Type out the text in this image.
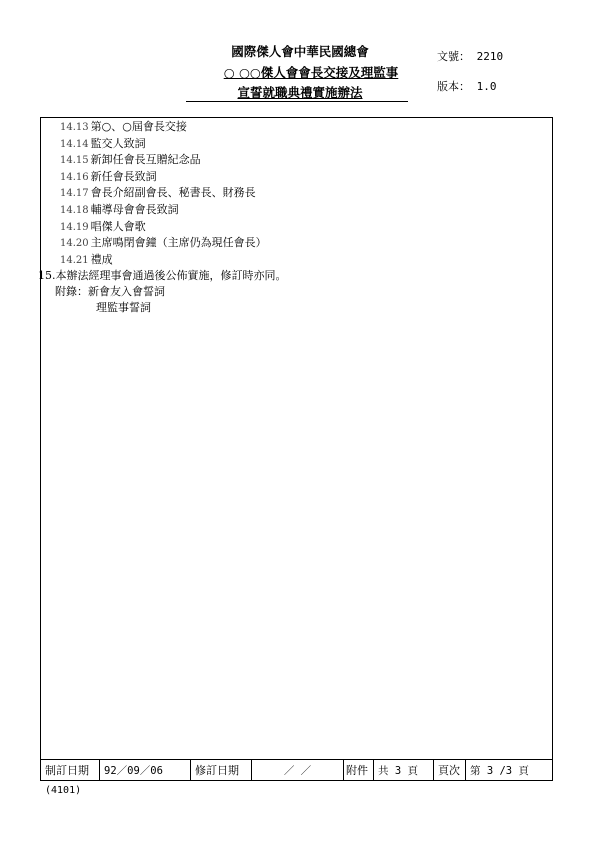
國際傑人會中華民國總會
○ ○○傑人會會長交接及理監事
宣誓就職典禮實施辦法
文號： 2210
版本： 1.0
14.13 第○、○屆會長交接
14.14 監交人致詞
14.15 新卸任會長互贈紀念品
14.16 新任會長致詞
14.17 會長介紹副會長、秘書長、財務長
14.18 輔導母會會長致詞
14.19 唱傑人會歌
14.20 主席鳴閉會鐘（主席仍為現任會長）
14.21 禮成
15.本辦法經理事會通過後公佈實施，修訂時亦同。
附錄：新會友入會誓詞
理監事誓詞
制訂日期	92／09／06	修訂日期	／ ／	附件 共 3 頁	頁次 第 3 /3 頁
(4101)
